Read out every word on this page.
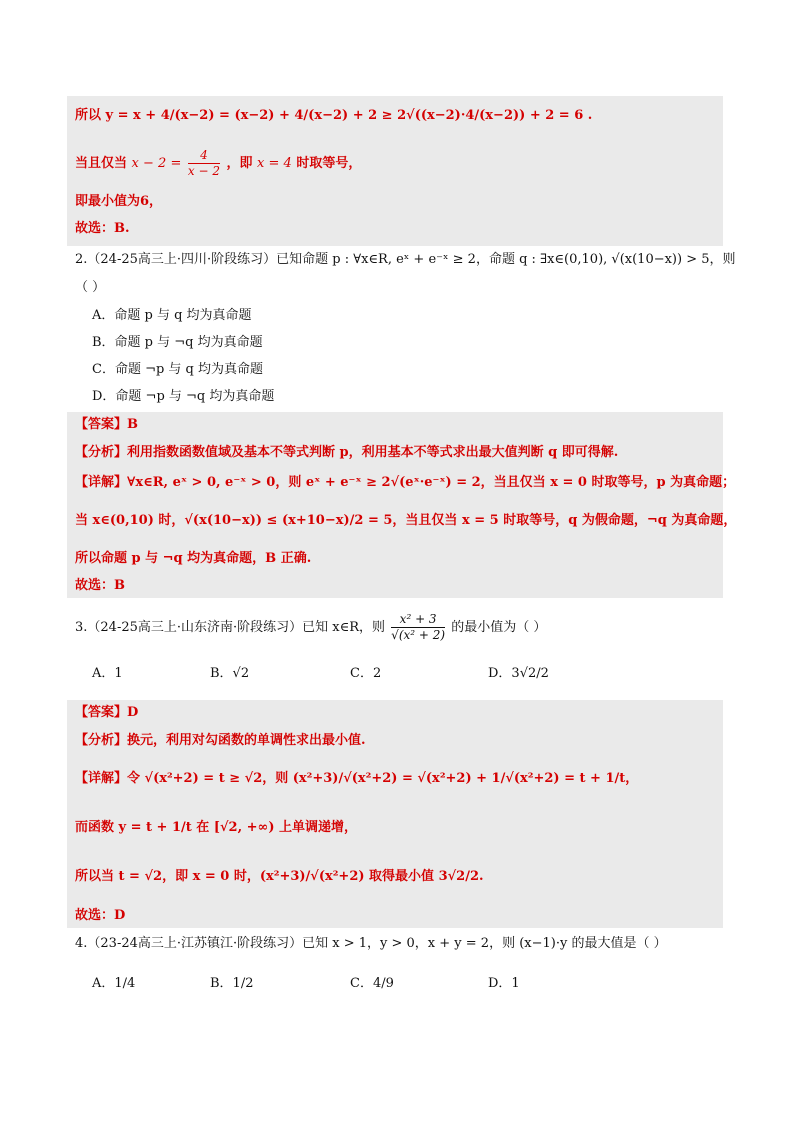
所以 y = x + 4/(x−2) = (x−2) + 4/(x−2) + 2 ≥ 2√((x−2)·4/(x−2)) + 2 = 6 .
当且仅当 $x - 2 = \frac{4}{x - 2}$ ，即 x = 4 时取等号，
即最小值为6，
故选：B.
2.（24-25高三上·四川·阶段练习）已知命题 p : ∀x∈R, eˣ + e⁻ˣ ≥ 2，命题 q : ∃x∈(0,10), √(x(10−x)) > 5，则
（ ）
A．命题 p 与 q 均为真命题
B．命题 p 与 ¬q 均为真命题
C．命题 ¬p 与 q 均为真命题
D．命题 ¬p 与 ¬q 均为真命题
【答案】B
【分析】利用指数函数值域及基本不等式判断 p，利用基本不等式求出最大值判断 q 即可得解.
【详解】∀x∈R, eˣ > 0, e⁻ˣ > 0，则 eˣ + e⁻ˣ ≥ 2√(eˣ·e⁻ˣ) = 2，当且仅当 x = 0 时取等号，p 为真命题；
当 x∈(0,10) 时，√(x(10−x)) ≤ (x+10−x)/2 = 5，当且仅当 x = 5 时取等号，q 为假命题，¬q 为真命题，
所以命题 p 与 ¬q 均为真命题，B 正确.
故选：B
3.（24-25高三上·山东济南·阶段练习）已知 x∈R，则 $\frac{\text{x² + 3}}{\text{√(x² + 2)}}$ 的最小值为（ ）
A．1	B．√2	C．2	D．3√2/2
【答案】D
【分析】换元，利用对勾函数的单调性求出最小值.
【详解】令 √(x²+2) = t ≥ √2，则 (x²+3)/√(x²+2) = √(x²+2) + 1/√(x²+2) = t + 1/t，
而函数 y = t + 1/t 在 [√2, +∞) 上单调递增，
所以当 t = √2，即 x = 0 时，(x²+3)/√(x²+2) 取得最小值 3√2/2.
故选：D
4.（23-24高三上·江苏镇江·阶段练习）已知 x > 1，y > 0，x + y = 2，则 (x−1)·y 的最大值是（ ）
A．1/4	B．1/2	C．4/9	D．1
